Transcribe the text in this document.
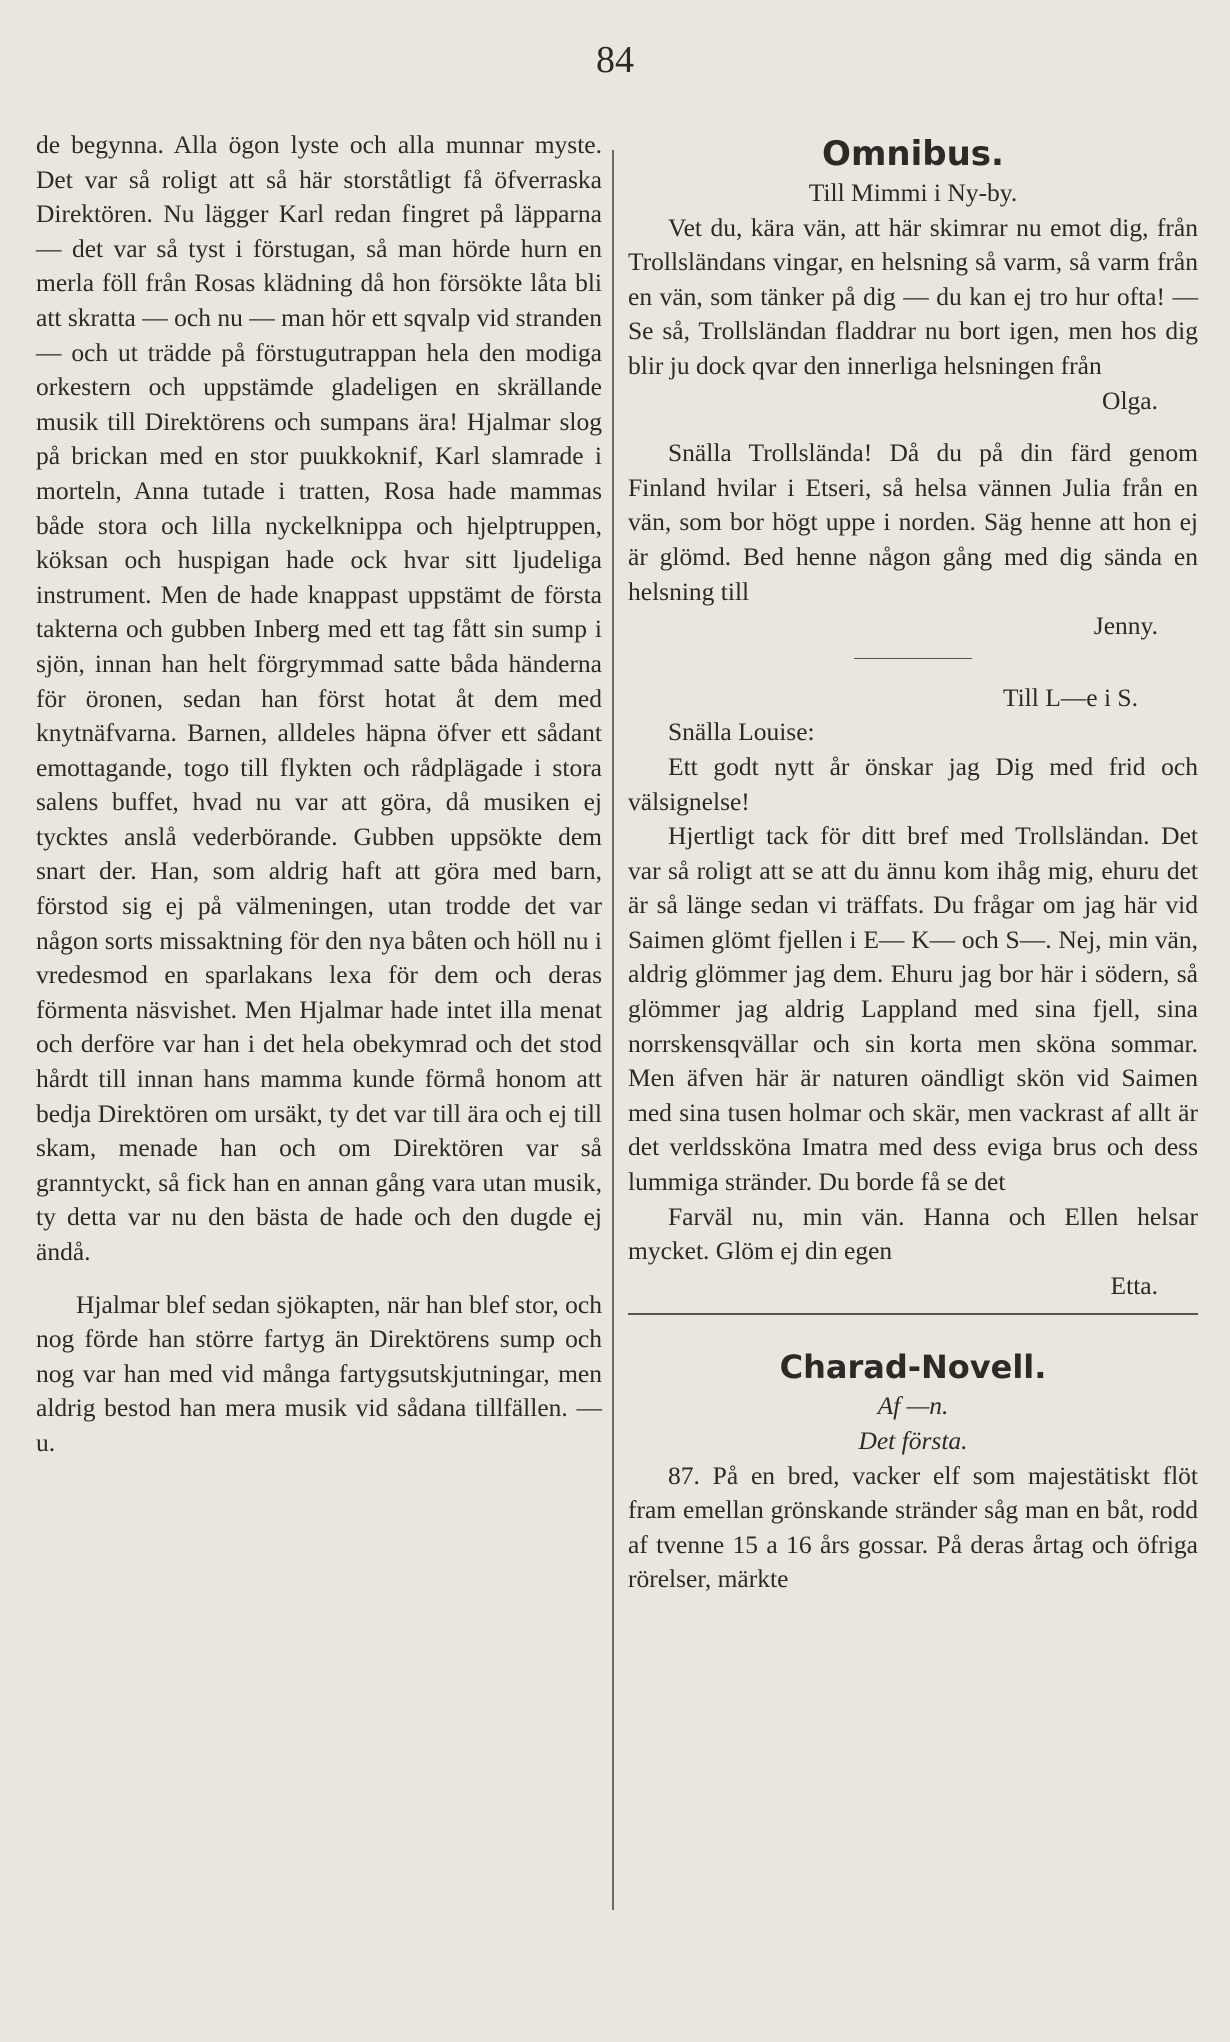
84

de begynna. Alla ögon lyste och alla munnar myste. Det var så roligt att så här storståtligt få öfverraska Direktören. Nu lägger Karl redan fingret på läpparna — det var så tyst i förstugan, så man hörde hurn en merla föll från Rosas klädning då hon försökte låta bli att skratta — och nu — man hör ett sqvalp vid stranden — och ut trädde på förstugutrappan hela den modiga orkestern och uppstämde gladeligen en skrällande musik till Direktörens och sumpans ära! Hjalmar slog på brickan med en stor puukkoknif, Karl slamrade i morteln, Anna tutade i tratten, Rosa hade mammas både stora och lilla nyckelknippa och hjelptruppen, köksan och huspigan hade ock hvar sitt ljudeliga instrument. Men de hade knappast uppstämt de första takterna och gubben Inberg med ett tag fått sin sump i sjön, innan han helt förgrymmad satte båda händerna för öronen, sedan han först hotat åt dem med knytnäfvarna. Barnen, alldeles häpna öfver ett sådant emottagande, togo till flykten och rådplägade i stora salens buffet, hvad nu var att göra, då musiken ej tycktes anslå vederbörande. Gubben uppsökte dem snart der. Han, som aldrig haft att göra med barn, förstod sig ej på välmeningen, utan trodde det var någon sorts missaktning för den nya båten och höll nu i vredesmod en sparlakans lexa för dem och deras förmenta näsvishet. Men Hjalmar hade intet illa menat och derföre var han i det hela obekymrad och det stod hårdt till innan hans mamma kunde förmå honom att bedja Direktören om ursäkt, ty det var till ära och ej till skam, menade han och om Direktören var så granntyckt, så fick han en annan gång vara utan musik, ty detta var nu den bästa de hade och den dugde ej ändå.

Hjalmar blef sedan sjökapten, när han blef stor, och nog förde han större fartyg än Direktörens sump och nog var han med vid många fartygsutskjutningar, men aldrig bestod han mera musik vid sådana tillfällen. —u.

Omnibus.

Till Mimmi i Ny-by.

Vet du, kära vän, att här skimrar nu emot dig, från Trollsländans vingar, en helsning så varm, så varm från en vän, som tänker på dig — du kan ej tro hur ofta! — Se så, Trollsländan fladdrar nu bort igen, men hos dig blir ju dock qvar den innerliga helsningen från

Olga.

Snälla Trollslända! Då du på din färd genom Finland hvilar i Etseri, så helsa vännen Julia från en vän, som bor högt uppe i norden. Säg henne att hon ej är glömd. Bed henne någon gång med dig sända en helsning till

Jenny.

Till L—e i S.

Snälla Louise:

Ett godt nytt år önskar jag Dig med frid och välsignelse!

Hjertligt tack för ditt bref med Trollsländan. Det var så roligt att se att du ännu kom ihåg mig, ehuru det är så länge sedan vi träffats. Du frågar om jag här vid Saimen glömt fjellen i E— K— och S—. Nej, min vän, aldrig glömmer jag dem. Ehuru jag bor här i södern, så glömmer jag aldrig Lappland med sina fjell, sina norrskensqvällar och sin korta men sköna sommar. Men äfven här är naturen oändligt skön vid Saimen med sina tusen holmar och skär, men vackrast af allt är det verldssköna Imatra med dess eviga brus och dess lummiga stränder. Du borde få se det

Farväl nu, min vän. Hanna och Ellen helsar mycket. Glöm ej din egen

Etta.

Charad-Novell.

Af —n.

Det första.

87. På en bred, vacker elf som majestätiskt flöt fram emellan grönskande stränder såg man en båt, rodd af tvenne 15 a 16 års gossar. På deras årtag och öfriga rörelser, märkte
